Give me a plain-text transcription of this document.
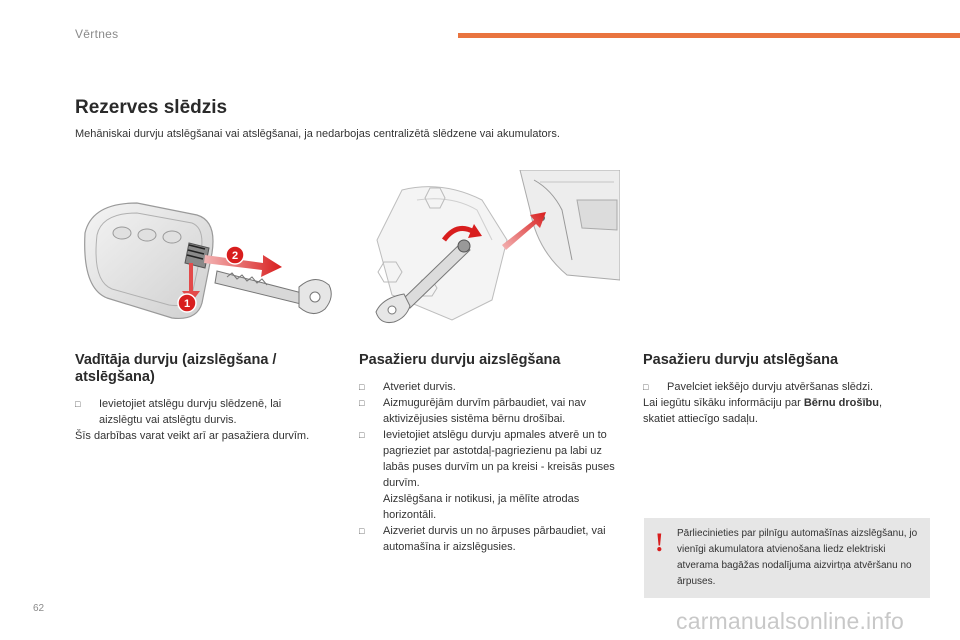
Vērtnes
Rezerves slēdzis

Mehāniskai durvju atslēgšanai vai atslēgšanai, ja nedarbojas centralizētā slēdzene vai akumulators.

1
2
Vadītāja durvju (aizslēgšana / atslēgšana)
□	Ievietojiet atslēgu durvju slēdzenē, lai aizslēgtu vai atslēgtu durvis.

Šīs darbības varat veikt arī ar pasažiera durvīm.

Pasažieru durvju aizslēgšana
□	Atveriet durvis.
□	Aizmugurējām durvīm pārbaudiet, vai nav aktivizējusies sistēma bērnu drošībai.
□	Ievietojiet atslēgu durvju apmales atverē un to pagrieziet par astotdaļ-pagriezienu pa labi uz labās puses durvīm un pa kreisi - kreisās puses durvīm.
Aizslēgšana ir notikusi, ja mēlīte atrodas horizontāli.
□	Aizveriet durvis un no ārpuses pārbaudiet, vai automašīna ir aizslēgusies.
Pasažieru durvju atslēgšana
□	Pavelciet iekšējo durvju atvēršanas slēdzi.

Lai iegūtu sīkāku informāciju par Bērnu drošību, skatiet attiecīgo sadaļu.

! Pārliecinieties par pilnīgu automašīnas aizslēgšanu, jo vienīgi akumulatora atvienošana liedz elektriski atverama bagāžas nodalījuma aizvirtņa atvēršanu no ārpuses.
62	carmanualsonline.info
